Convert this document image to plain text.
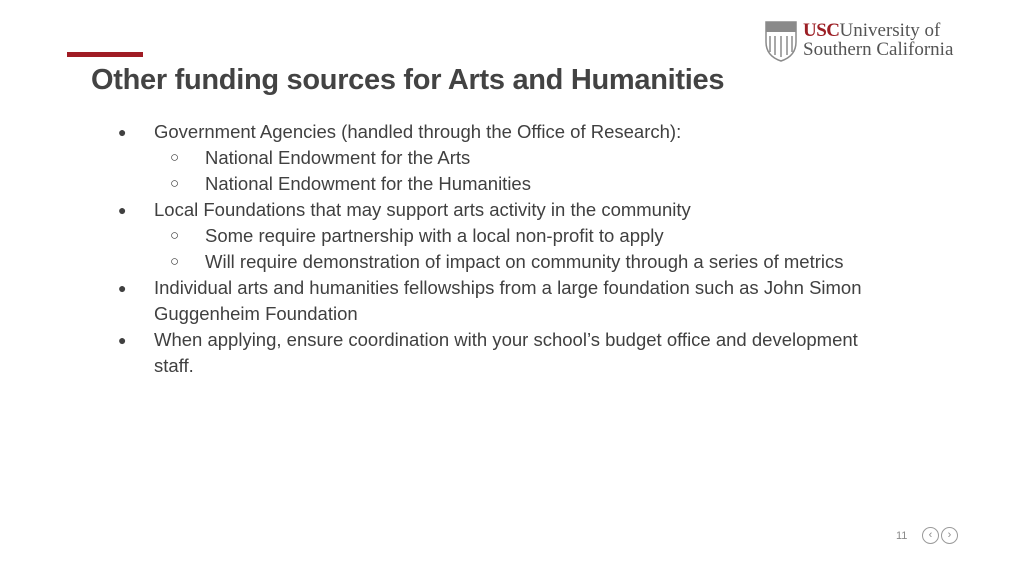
Other funding sources for Arts and Humanities
USCUniversity of
Southern California
● Government Agencies (handled through the Office of Research):
○ National Endowment for the Arts
○ National Endowment for the Humanities
● Local Foundations that may support arts activity in the community
○ Some require partnership with a local non-profit to apply
○ Will require demonstration of impact on community through a series of metrics
● Individual arts and humanities fellowships from a large foundation such as John Simon
Guggenheim Foundation
● When applying, ensure coordination with your school’s budget office and development
staff.
11	‹	›
